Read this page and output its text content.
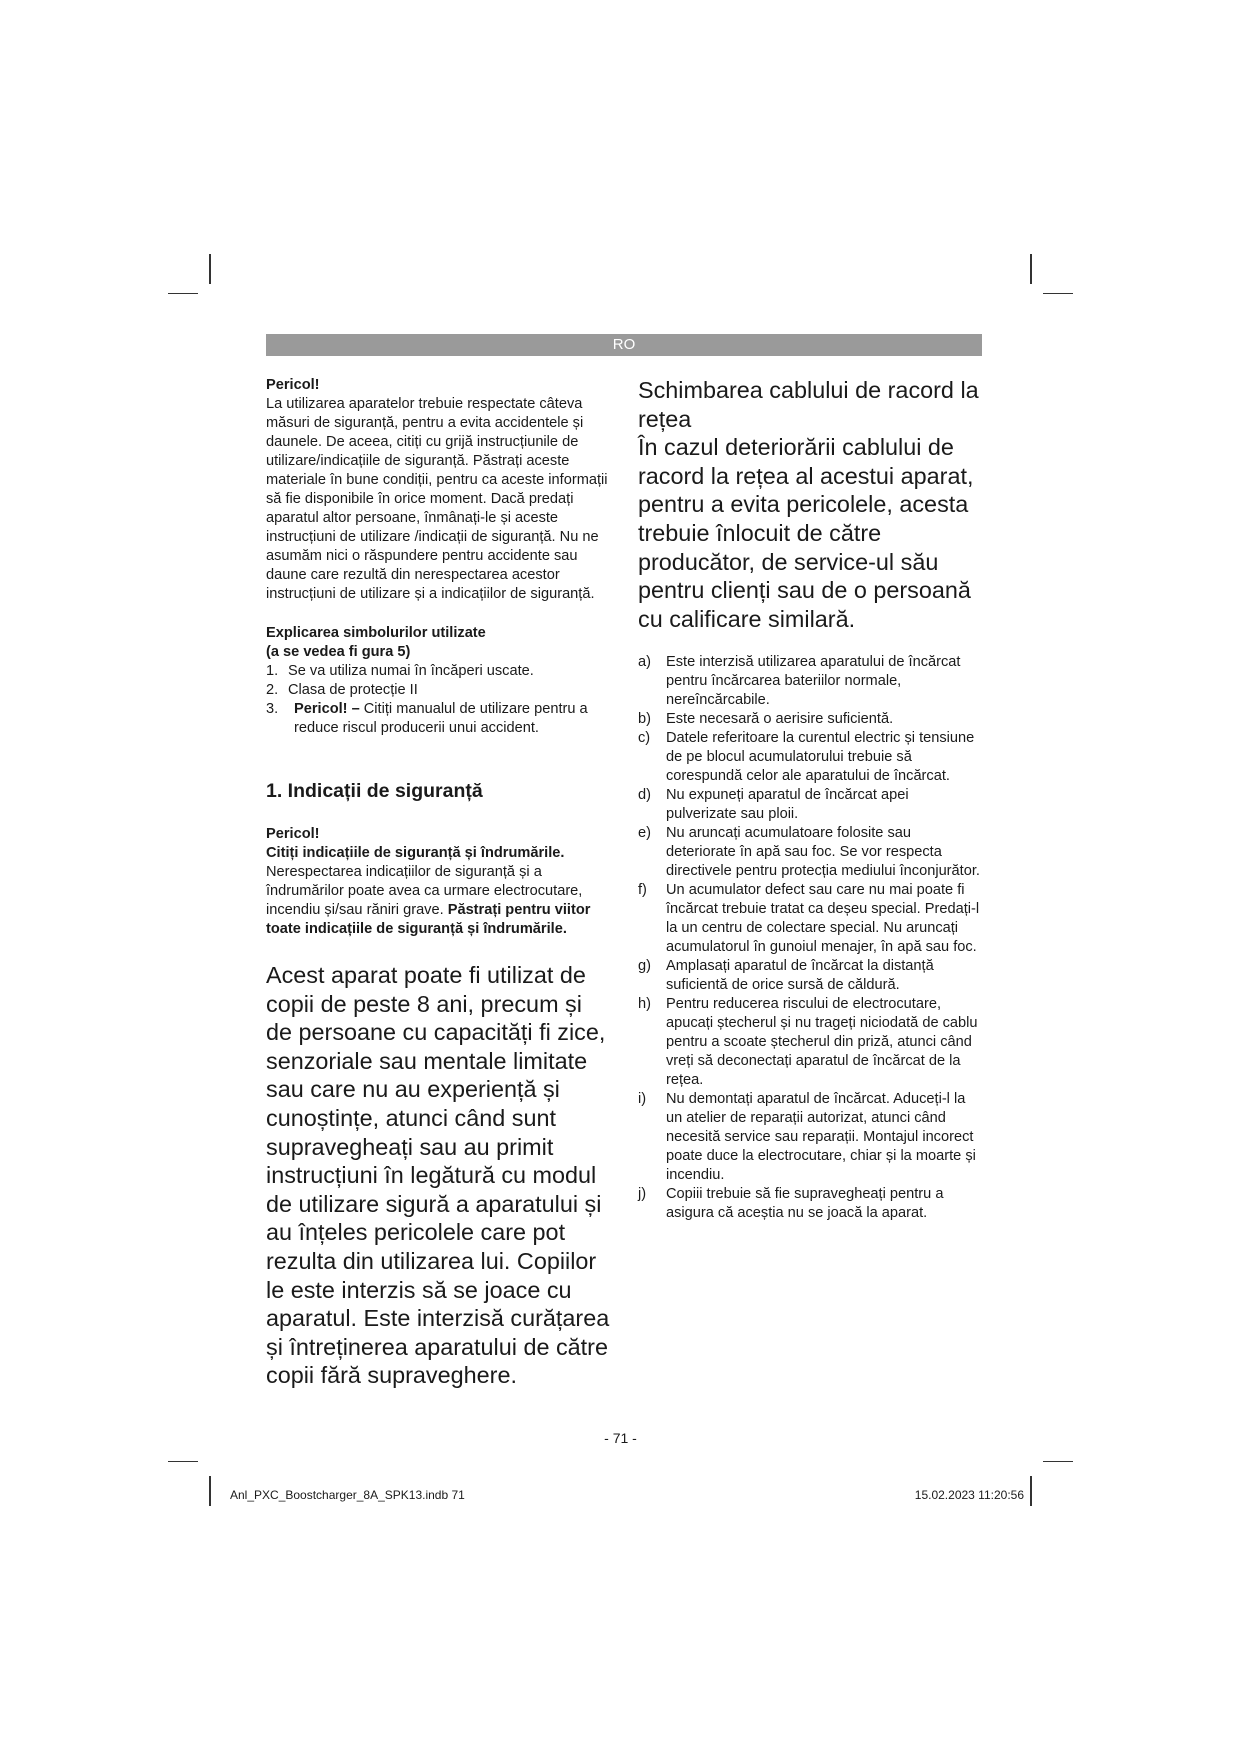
RO

Pericol!

La utilizarea aparatelor trebuie respectate câteva măsuri de siguranță, pentru a evita accidentele și daunele. De aceea, citiți cu grijă instrucțiunile de utilizare/indicațiile de siguranță. Păstrați aceste materiale în bune condiții, pentru ca aceste informații să fie disponibile în orice moment. Dacă predați aparatul altor persoane, înmânați-le și aceste instrucțiuni de utilizare /indicații de siguranță. Nu ne asumăm nici o răspundere pentru accidente sau daune care rezultă din nerespectarea acestor instrucțiuni de utilizare și a indicațiilor de siguranță.

Explicarea simbolurilor utilizate

(a se vedea fi gura 5)

1. Se va utiliza numai în încăperi uscate.
2. Clasa de protecție II
3. Pericol! – Citiți manualul de utilizare pentru a reduce riscul producerii unui accident.
1. Indicații de siguranță

Pericol!

Citiți indicațiile de siguranță și îndrumările. Nerespectarea indicațiilor de siguranță și a îndrumărilor poate avea ca urmare electrocutare, incendiu și/sau răniri grave. Păstrați pentru viitor toate indicațiile de siguranță și îndrumările.

Acest aparat poate fi utilizat de copii de peste 8 ani, precum și de persoane cu capacități fi zice, senzoriale sau mentale limitate sau care nu au experiență și cunoștințe, atunci când sunt supravegheați sau au primit instrucțiuni în legătură cu modul de utilizare sigură a aparatului și au înțeles pericolele care pot rezulta din utilizarea lui. Copiilor le este interzis să se joace cu aparatul. Este interzisă curățarea și întreținerea aparatului de către copii fără supraveghere.

Schimbarea cablului de racord la rețea

În cazul deteriorării cablului de racord la rețea al acestui aparat, pentru a evita pericolele, acesta trebuie înlocuit de către producător, de service-ul său pentru clienți sau de o persoană cu calificare similară.

a) Este interzisă utilizarea aparatului de încărcat pentru încărcarea bateriilor normale, nereîncărcabile.
b) Este necesară o aerisire suficientă.
c) Datele referitoare la curentul electric și tensiune de pe blocul acumulatorului trebuie să corespundă celor ale aparatului de încărcat.
d) Nu expuneți aparatul de încărcat apei pulverizate sau ploii.
e) Nu aruncați acumulatoare folosite sau deteriorate în apă sau foc. Se vor respecta directivele pentru protecția mediului înconjurător.
f) Un acumulator defect sau care nu mai poate fi încărcat trebuie tratat ca deșeu special. Predați-l la un centru de colectare special. Nu aruncați acumulatorul în gunoiul menajer, în apă sau foc.
g) Amplasați aparatul de încărcat la distanță suficientă de orice sursă de căldură.
h) Pentru reducerea riscului de electrocutare, apucați ștecherul și nu trageți niciodată de cablu pentru a scoate ștecherul din priză, atunci când vreți să deconectați aparatul de încărcat de la rețea.
i) Nu demontați aparatul de încărcat. Aduceți-l la un atelier de reparații autorizat, atunci când necesită service sau reparații. Montajul incorect poate duce la electrocutare, chiar și la moarte și incendiu.
j) Copiii trebuie să fie supravegheați pentru a asigura că aceștia nu se joacă la aparat.
- 71 -
Anl_PXC_Boostcharger_8A_SPK13.indb 71	15.02.2023 11:20:56
